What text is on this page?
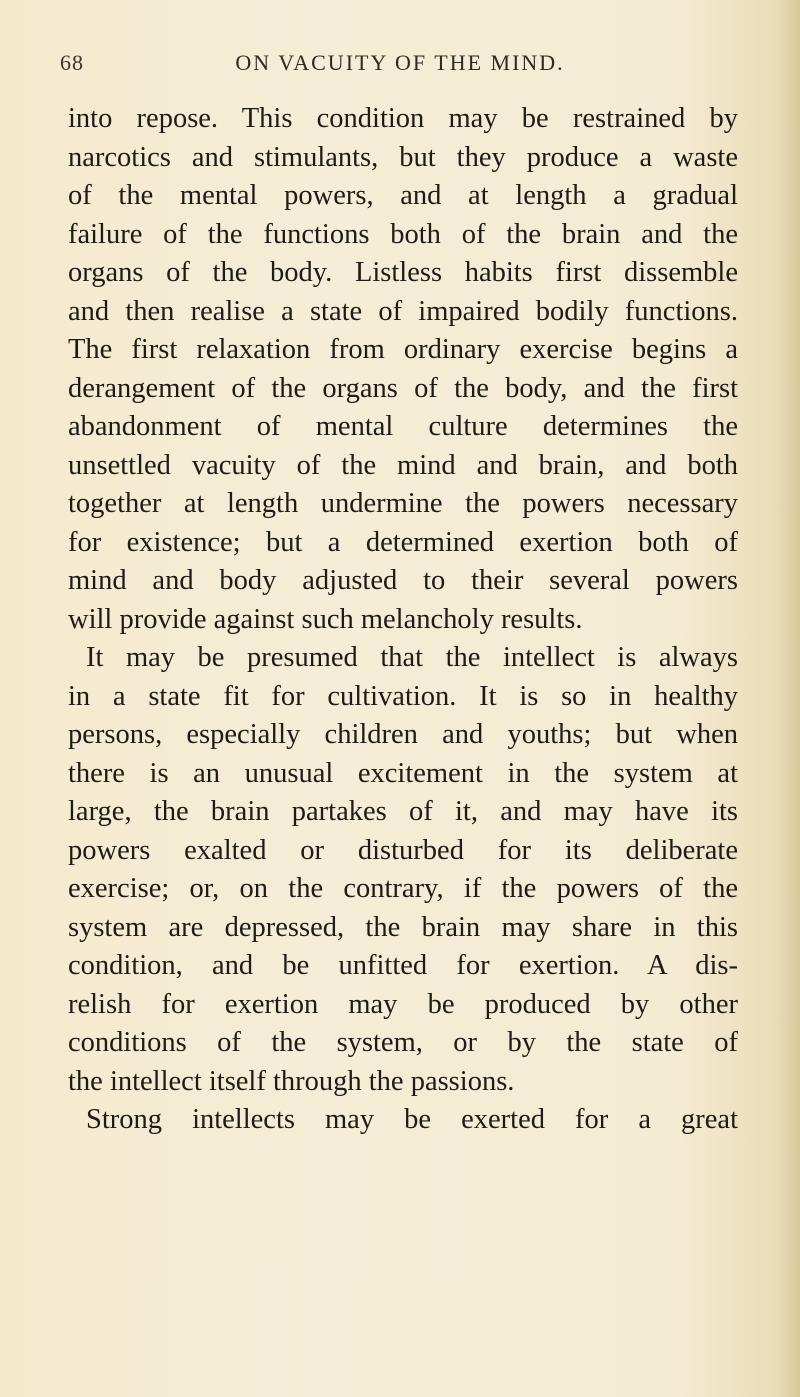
68	ON VACUITY OF THE MIND.
into repose. This condition may be restrained by
narcotics and stimulants, but they produce a waste
of the mental powers, and at length a gradual
failure of the functions both of the brain and the
organs of the body. Listless habits first dissemble
and then realise a state of impaired bodily functions.
The first relaxation from ordinary exercise begins a
derangement of the organs of the body, and the first
abandonment of mental culture determines the
unsettled vacuity of the mind and brain, and both
together at length undermine the powers necessary
for existence; but a determined exertion both of
mind and body adjusted to their several powers
will provide against such melancholy results.
It may be presumed that the intellect is always
in a state fit for cultivation. It is so in healthy
persons, especially children and youths; but when
there is an unusual excitement in the system at
large, the brain partakes of it, and may have its
powers exalted or disturbed for its deliberate
exercise; or, on the contrary, if the powers of the
system are depressed, the brain may share in this
condition, and be unfitted for exertion. A dis-
relish for exertion may be produced by other
conditions of the system, or by the state of
the intellect itself through the passions.
Strong intellects may be exerted for a great
